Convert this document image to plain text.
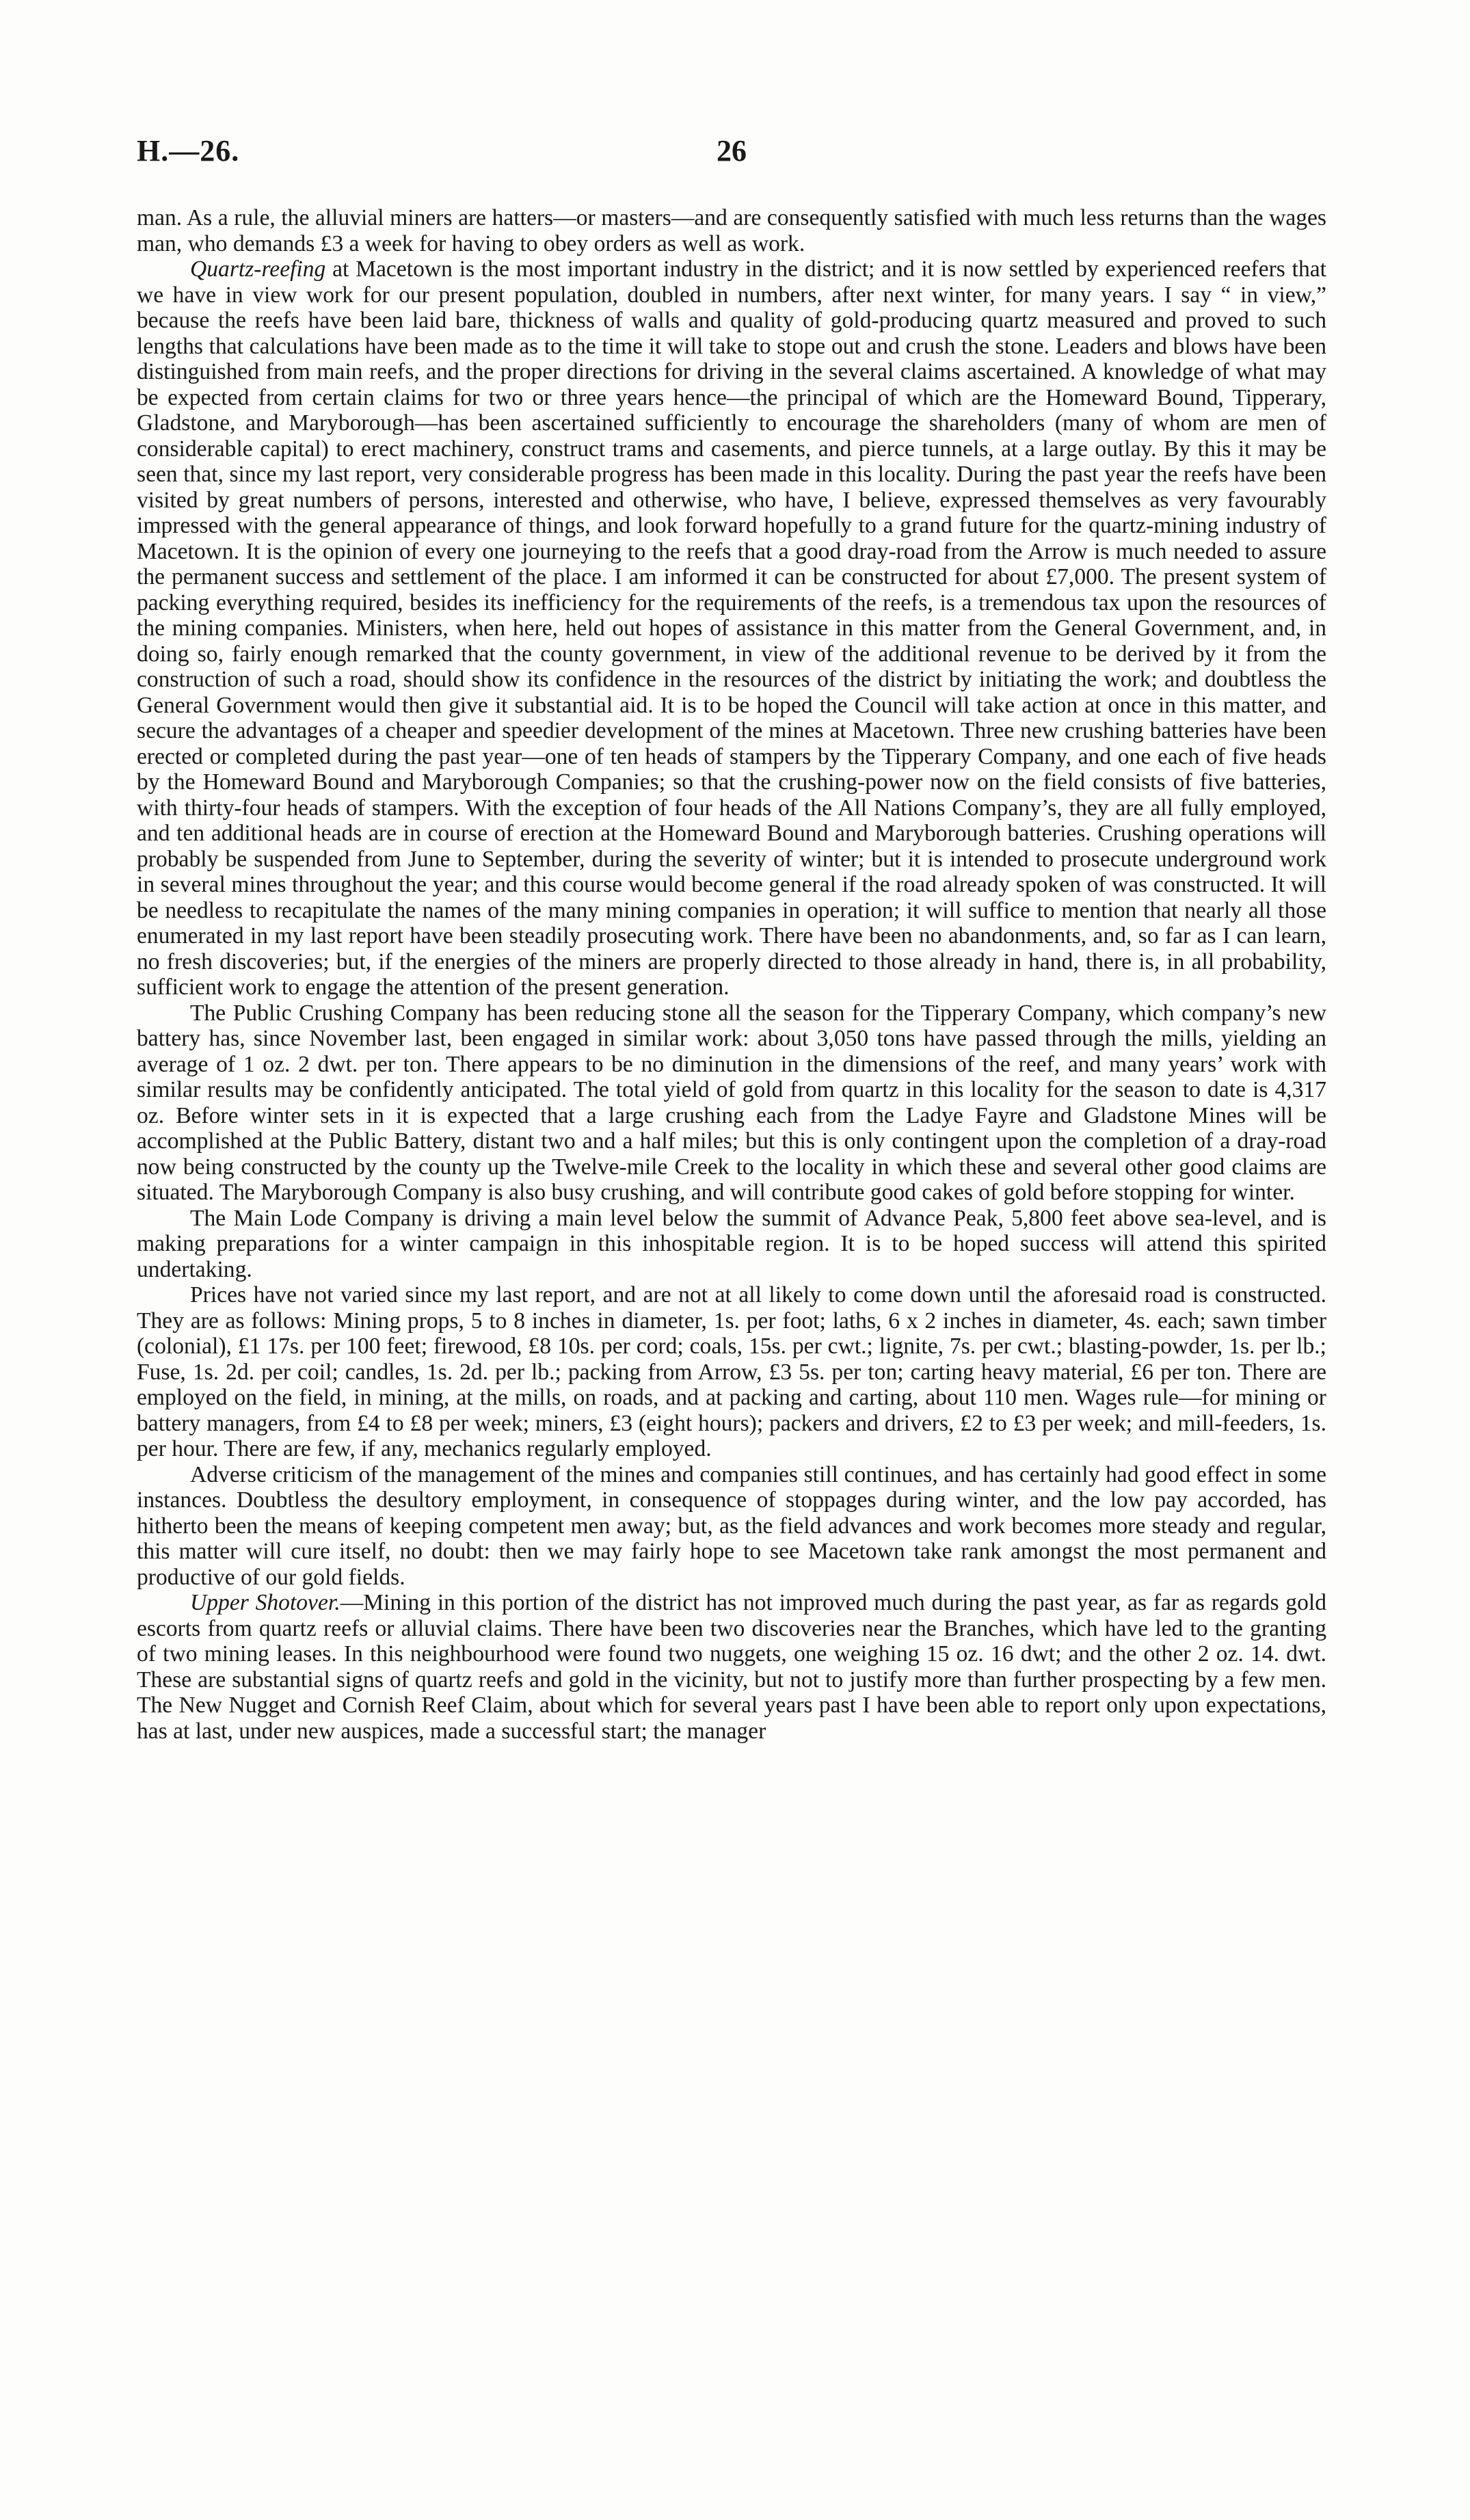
H.—26.	26

man. As a rule, the alluvial miners are hatters—or masters—and are consequently satisfied with much less returns than the wages man, who demands £3 a week for having to obey orders as well as work.

Quartz-reefing at Macetown is the most important industry in the district; and it is now settled by experienced reefers that we have in view work for our present population, doubled in numbers, after next winter, for many years. I say “ in view,” because the reefs have been laid bare, thickness of walls and quality of gold-producing quartz measured and proved to such lengths that calculations have been made as to the time it will take to stope out and crush the stone. Leaders and blows have been distinguished from main reefs, and the proper directions for driving in the several claims ascertained. A knowledge of what may be expected from certain claims for two or three years hence—the principal of which are the Homeward Bound, Tipperary, Gladstone, and Maryborough—has been ascertained sufficiently to encourage the shareholders (many of whom are men of considerable capital) to erect machinery, construct trams and casements, and pierce tunnels, at a large outlay. By this it may be seen that, since my last report, very considerable progress has been made in this locality. During the past year the reefs have been visited by great numbers of persons, interested and otherwise, who have, I believe, expressed themselves as very favourably impressed with the general appearance of things, and look forward hopefully to a grand future for the quartz-mining industry of Macetown. It is the opinion of every one journeying to the reefs that a good dray-road from the Arrow is much needed to assure the permanent success and settlement of the place. I am informed it can be constructed for about £7,000. The present system of packing everything required, besides its inefficiency for the requirements of the reefs, is a tremendous tax upon the resources of the mining companies. Ministers, when here, held out hopes of assistance in this matter from the General Government, and, in doing so, fairly enough remarked that the county government, in view of the additional revenue to be derived by it from the construction of such a road, should show its confidence in the resources of the district by initiating the work; and doubtless the General Government would then give it substantial aid. It is to be hoped the Council will take action at once in this matter, and secure the advantages of a cheaper and speedier development of the mines at Macetown. Three new crushing batteries have been erected or completed during the past year—one of ten heads of stampers by the Tipperary Company, and one each of five heads by the Homeward Bound and Maryborough Companies; so that the crushing-power now on the field consists of five batteries, with thirty-four heads of stampers. With the exception of four heads of the All Nations Company’s, they are all fully employed, and ten additional heads are in course of erection at the Homeward Bound and Maryborough batteries. Crushing operations will probably be suspended from June to September, during the severity of winter; but it is intended to prosecute underground work in several mines throughout the year; and this course would become general if the road already spoken of was constructed. It will be needless to recapitulate the names of the many mining companies in operation; it will suffice to mention that nearly all those enumerated in my last report have been steadily prosecuting work. There have been no abandonments, and, so far as I can learn, no fresh discoveries; but, if the energies of the miners are properly directed to those already in hand, there is, in all probability, sufficient work to engage the attention of the present generation.

The Public Crushing Company has been reducing stone all the season for the Tipperary Company, which company’s new battery has, since November last, been engaged in similar work: about 3,050 tons have passed through the mills, yielding an average of 1 oz. 2 dwt. per ton. There appears to be no diminution in the dimensions of the reef, and many years’ work with similar results may be confidently anticipated. The total yield of gold from quartz in this locality for the season to date is 4,317 oz. Before winter sets in it is expected that a large crushing each from the Ladye Fayre and Gladstone Mines will be accomplished at the Public Battery, distant two and a half miles; but this is only contingent upon the completion of a dray-road now being constructed by the county up the Twelve-mile Creek to the locality in which these and several other good claims are situated. The Maryborough Company is also busy crushing, and will contribute good cakes of gold before stopping for winter.

The Main Lode Company is driving a main level below the summit of Advance Peak, 5,800 feet above sea-level, and is making preparations for a winter campaign in this inhospitable region. It is to be hoped success will attend this spirited undertaking.

Prices have not varied since my last report, and are not at all likely to come down until the aforesaid road is constructed. They are as follows: Mining props, 5 to 8 inches in diameter, 1s. per foot; laths, 6 x 2 inches in diameter, 4s. each; sawn timber (colonial), £1 17s. per 100 feet; firewood, £8 10s. per cord; coals, 15s. per cwt.; lignite, 7s. per cwt.; blasting-powder, 1s. per lb.; Fuse, 1s. 2d. per coil; candles, 1s. 2d. per lb.; packing from Arrow, £3 5s. per ton; carting heavy material, £6 per ton. There are employed on the field, in mining, at the mills, on roads, and at packing and carting, about 110 men. Wages rule—for mining or battery managers, from £4 to £8 per week; miners, £3 (eight hours); packers and drivers, £2 to £3 per week; and mill-feeders, 1s. per hour. There are few, if any, mechanics regularly employed.

Adverse criticism of the management of the mines and companies still continues, and has certainly had good effect in some instances. Doubtless the desultory employment, in consequence of stoppages during winter, and the low pay accorded, has hitherto been the means of keeping competent men away; but, as the field advances and work becomes more steady and regular, this matter will cure itself, no doubt: then we may fairly hope to see Macetown take rank amongst the most permanent and productive of our gold fields.

Upper Shotover.—Mining in this portion of the district has not improved much during the past year, as far as regards gold escorts from quartz reefs or alluvial claims. There have been two discoveries near the Branches, which have led to the granting of two mining leases. In this neighbourhood were found two nuggets, one weighing 15 oz. 16 dwt; and the other 2 oz. 14. dwt. These are substantial signs of quartz reefs and gold in the vicinity, but not to justify more than further prospecting by a few men. The New Nugget and Cornish Reef Claim, about which for several years past I have been able to report only upon expectations, has at last, under new auspices, made a successful start; the manager
